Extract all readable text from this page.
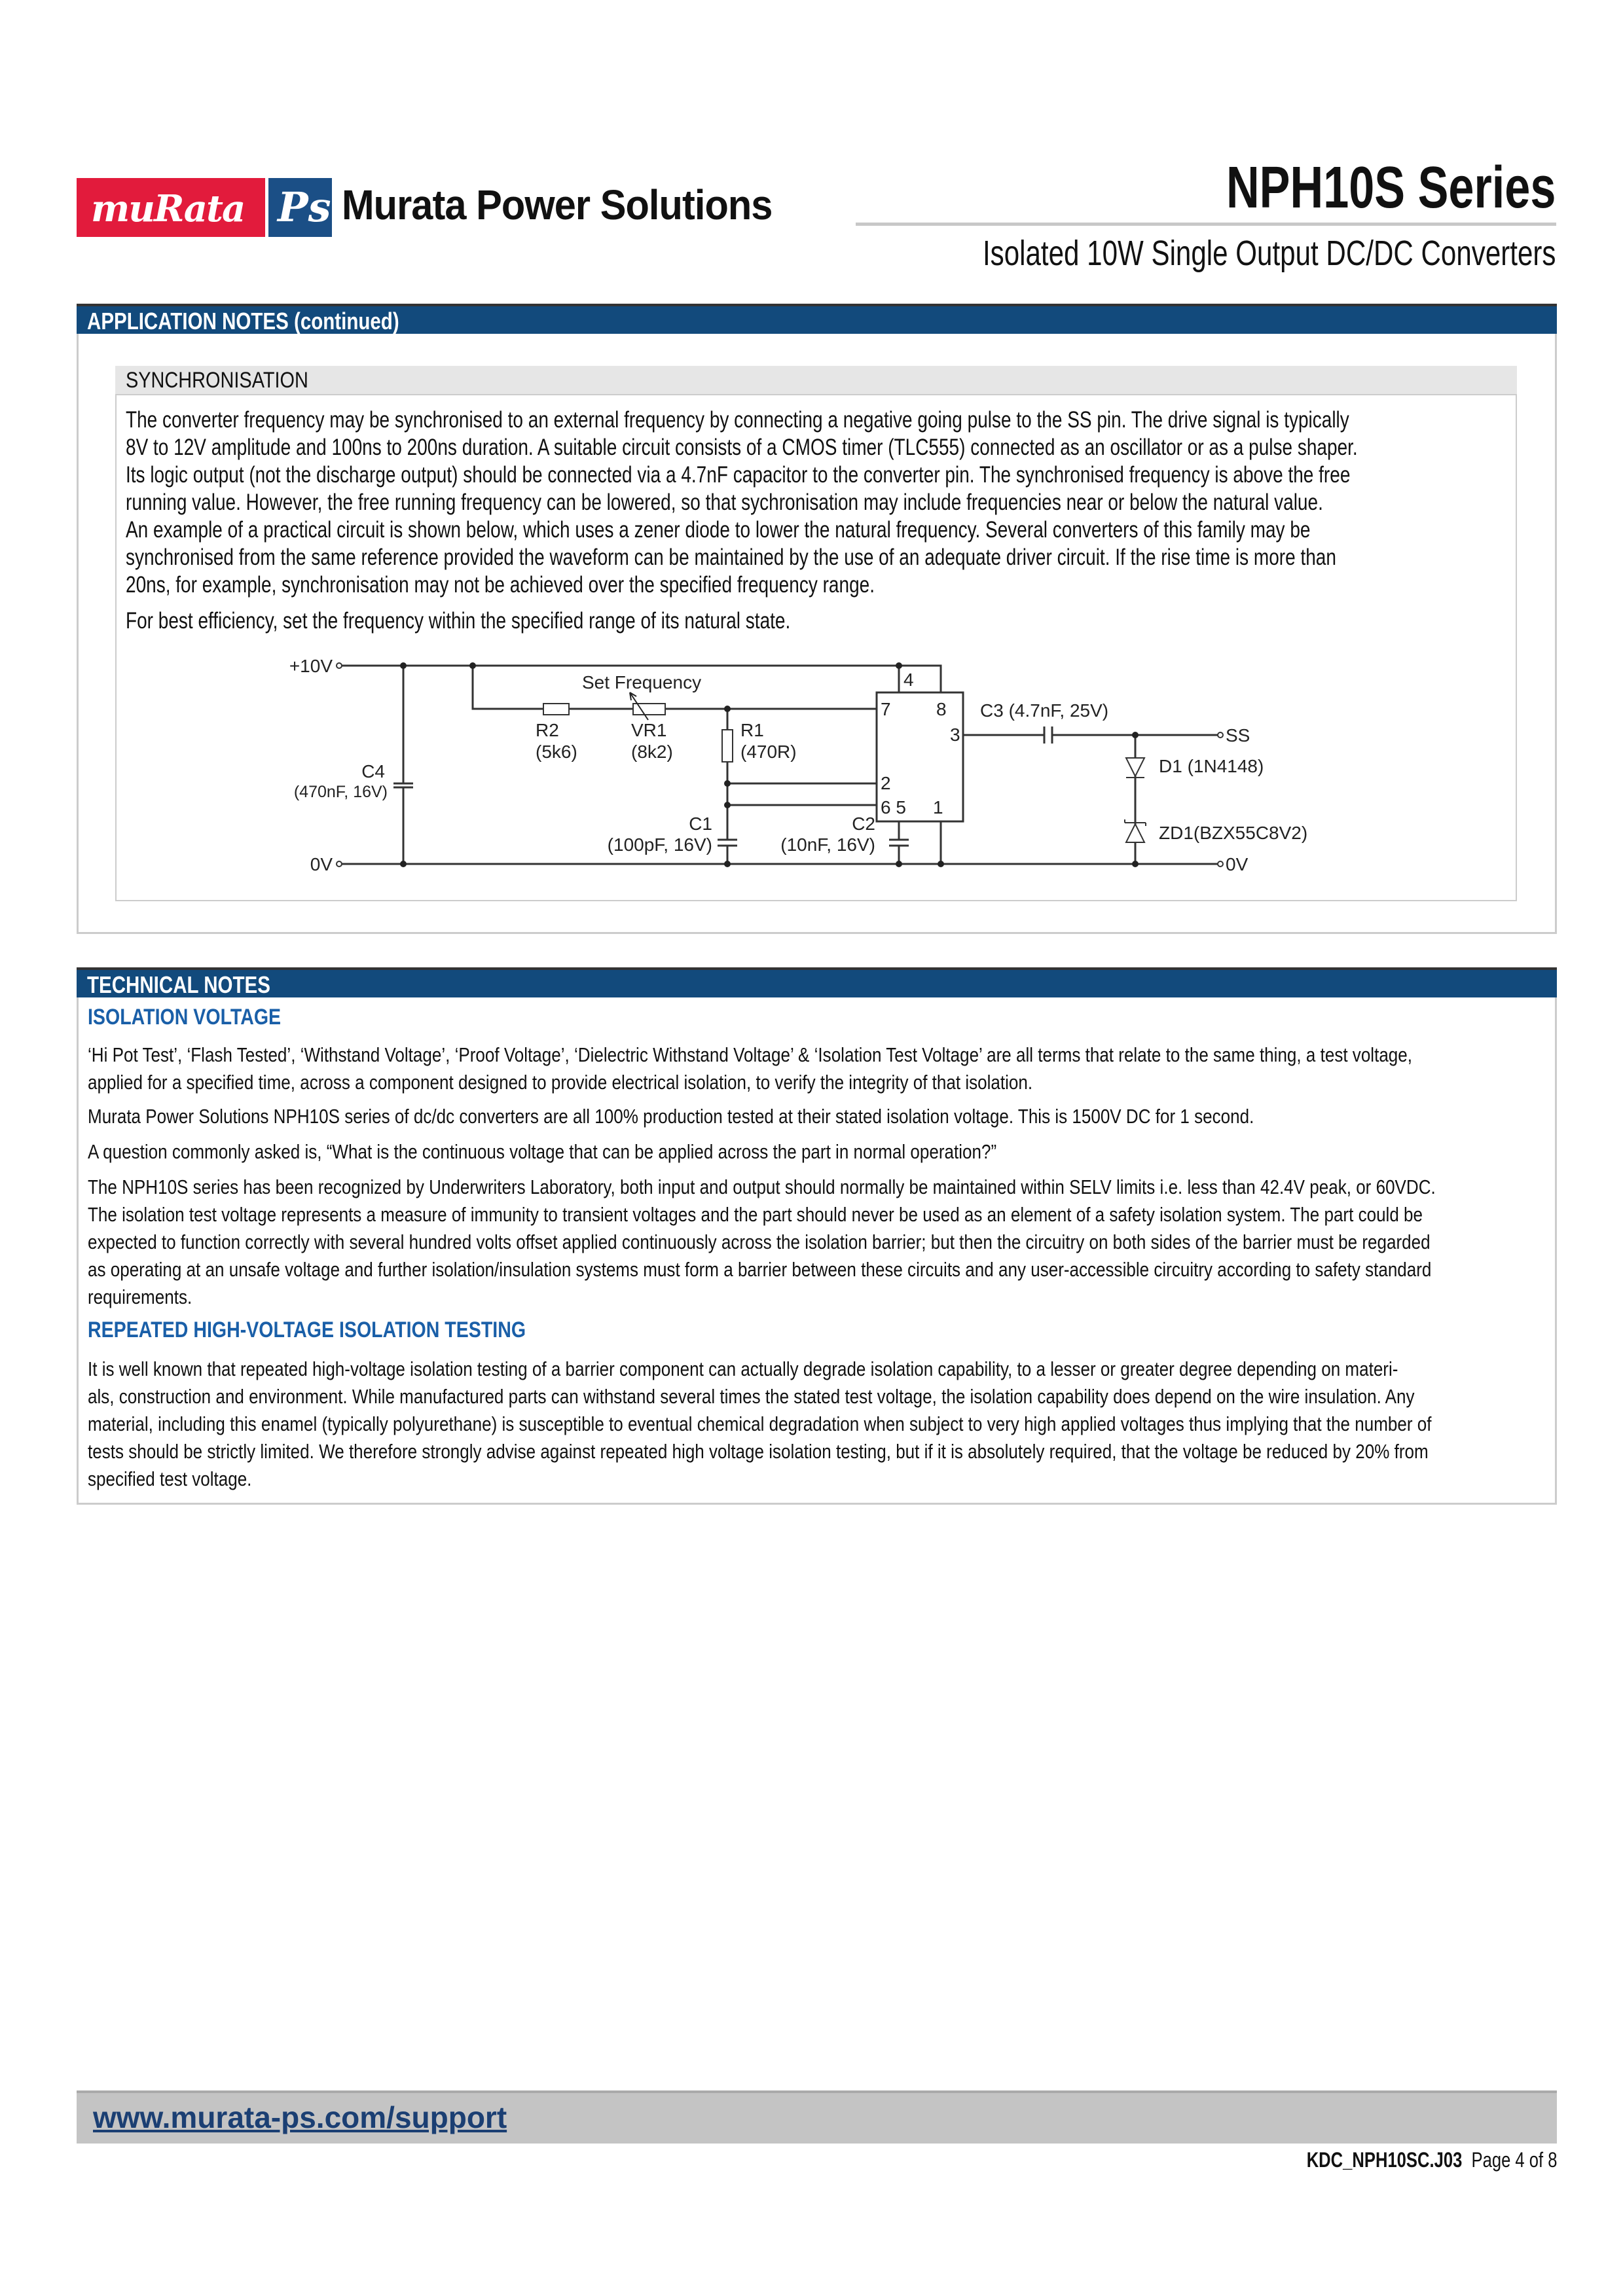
muRata Ps Murata Power Solutions	NPH10S Series
Isolated 10W Single Output DC/DC Converters
APPLICATION NOTES (continued)
SYNCHRONISATION
The converter frequency may be synchronised to an external frequency by connecting a negative going pulse to the SS pin. The drive signal is typically
8V to 12V amplitude and 100ns to 200ns duration. A suitable circuit consists of a CMOS timer (TLC555) connected as an oscillator or as a pulse shaper.
Its logic output (not the discharge output) should be connected via a 4.7nF capacitor to the converter pin. The synchronised frequency is above the free
running value. However, the free running frequency can be lowered, so that sychronisation may include frequencies near or below the natural value.
An example of a practical circuit is shown below, which uses a zener diode to lower the natural frequency. Several converters of this family may be
synchronised from the same reference provided the waveform can be maintained by the use of an adequate driver circuit. If the rise time is more than
20ns, for example, synchronisation may not be achieved over the specified frequency range.
For best efficiency, set the frequency within the specified range of its natural state.
+10V
0V
SS
0V
Set Frequency
R2
(5k6)
VR1
(8k2)
R1
(470R)
C4
(470nF, 16V)
C1
(100pF, 16V)
C2
(10nF, 16V)
C3 (4.7nF, 25V)
D1 (1N4148)
ZD1(BZX55C8V2)
4
7 8
3
2
6 5 1
TECHNICAL NOTES
ISOLATION VOLTAGE
‘Hi Pot Test’, ‘Flash Tested’, ‘Withstand Voltage’, ‘Proof Voltage’, ‘Dielectric Withstand Voltage’ & ‘Isolation Test Voltage’ are all terms that relate to the same thing, a test voltage,
applied for a specified time, across a component designed to provide electrical isolation, to verify the integrity of that isolation.
Murata Power Solutions NPH10S series of dc/dc converters are all 100% production tested at their stated isolation voltage. This is 1500V DC for 1 second.
A question commonly asked is, “What is the continuous voltage that can be applied across the part in normal operation?”
The NPH10S series has been recognized by Underwriters Laboratory, both input and output should normally be maintained within SELV limits i.e. less than 42.4V peak, or 60VDC.
The isolation test voltage represents a measure of immunity to transient voltages and the part should never be used as an element of a safety isolation system. The part could be
expected to function correctly with several hundred volts offset applied continuously across the isolation barrier; but then the circuitry on both sides of the barrier must be regarded
as operating at an unsafe voltage and further isolation/insulation systems must form a barrier between these circuits and any user-accessible circuitry according to safety standard
requirements.
REPEATED HIGH-VOLTAGE ISOLATION TESTING
It is well known that repeated high-voltage isolation testing of a barrier component can actually degrade isolation capability, to a lesser or greater degree depending on materi-
als, construction and environment. While manufactured parts can withstand several times the stated test voltage, the isolation capability does depend on the wire insulation. Any
material, including this enamel (typically polyurethane) is susceptible to eventual chemical degradation when subject to very high applied voltages thus implying that the number of
tests should be strictly limited. We therefore strongly advise against repeated high voltage isolation testing, but if it is absolutely required, that the voltage be reduced by 20% from
specified test voltage.
www.murata-ps.com/support
KDC_NPH10SC.J03 Page 4 of 8
